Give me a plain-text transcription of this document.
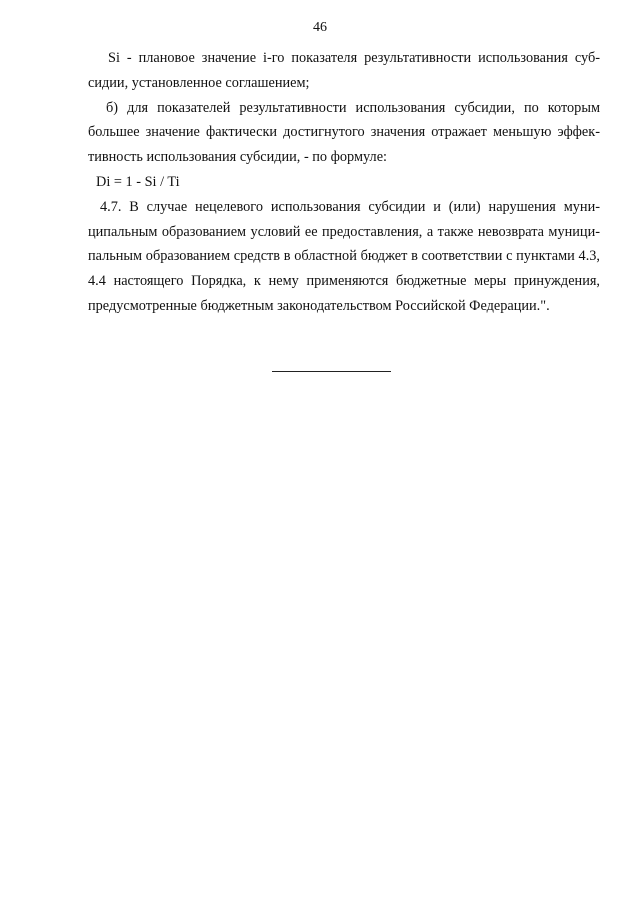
46

Si - плановое значение i-го показателя результативности использования суб-
сидии, установленное соглашением;

б) для показателей результативности использования субсидии, по которым
большее значение фактически достигнутого значения отражает меньшую эффек-
тивность использования субсидии, - по формуле:

Di = 1 - Si / Ti

4.7. В случае нецелевого использования субсидии и (или) нарушения муни-
ципальным образованием условий ее предоставления, а также невозврата муници-
пальным образованием средств в областной бюджет в соответствии с пунктами 4.3,
4.4 настоящего Порядка, к нему применяются бюджетные меры принуждения,
предусмотренные бюджетным законодательством Российской Федерации.".
